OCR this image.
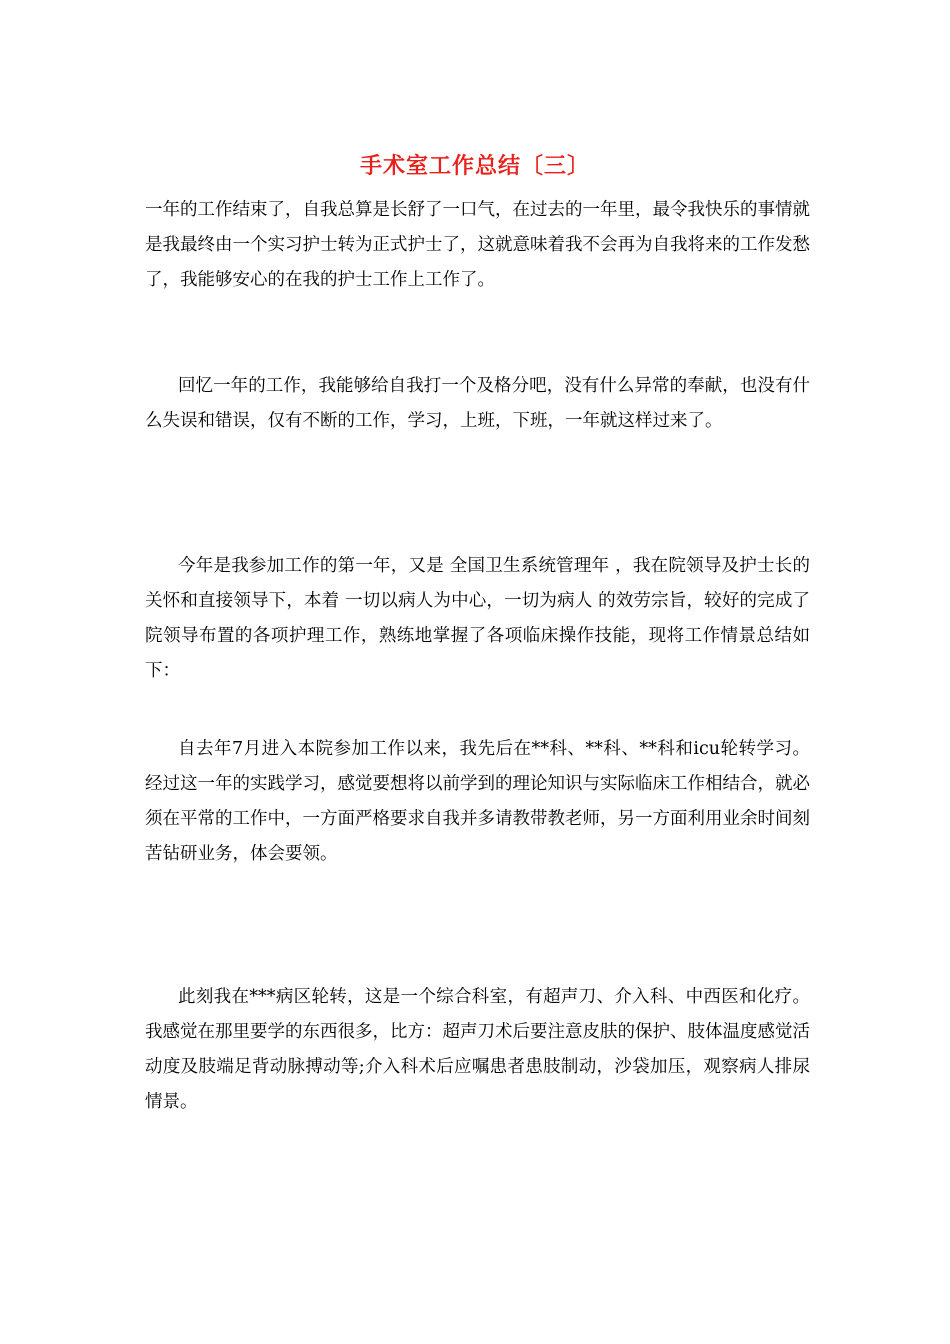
手术室工作总结〔三〕

一年的工作结束了，自我总算是长舒了一口气，在过去的一年里，最令我快乐的事情就是我最终由一个实习护士转为正式护士了，这就意味着我不会再为自我将来的工作发愁了，我能够安心的在我的护士工作上工作了。

回忆一年的工作，我能够给自我打一个及格分吧，没有什么异常的奉献，也没有什么失误和错误，仅有不断的工作，学习，上班，下班，一年就这样过来了。

今年是我参加工作的第一年，又是 全国卫生系统管理年 ，我在院领导及护士长的关怀和直接领导下，本着 一切以病人为中心，一切为病人 的效劳宗旨，较好的完成了院领导布置的各项护理工作，熟练地掌握了各项临床操作技能，现将工作情景总结如下：

自去年7月进入本院参加工作以来，我先后在**科、**科、**科和icu轮转学习。经过这一年的实践学习，感觉要想将以前学到的理论知识与实际临床工作相结合，就必须在平常的工作中，一方面严格要求自我并多请教带教老师，另一方面利用业余时间刻苦钻研业务，体会要领。

此刻我在***病区轮转，这是一个综合科室，有超声刀、介入科、中西医和化疗。我感觉在那里要学的东西很多，比方：超声刀术后要注意皮肤的保护、肢体温度感觉活动度及肢端足背动脉搏动等;介入科术后应嘱患者患肢制动，沙袋加压，观察病人排尿情景。
